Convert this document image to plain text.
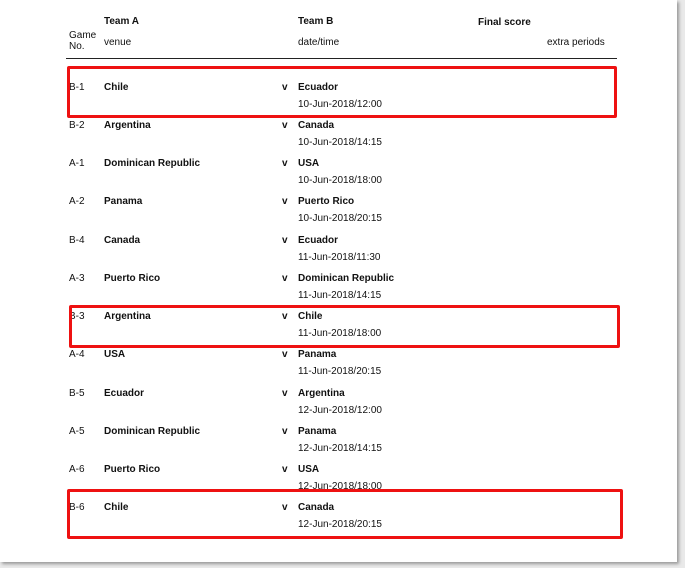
Game
No.
Team A
venue
Team B
date/time
Final score
extra periods
B-1 Chile	v Ecuador
10-Jun-2018/12:00
B-2 Argentina	v Canada
10-Jun-2018/14:15
A-1 Dominican Republic	v USA
10-Jun-2018/18:00
A-2 Panama	v Puerto Rico
10-Jun-2018/20:15
B-4 Canada	v Ecuador
11-Jun-2018/11:30
A-3 Puerto Rico	v Dominican Republic
11-Jun-2018/14:15
B-3 Argentina	v Chile
11-Jun-2018/18:00
A-4 USA	v Panama
11-Jun-2018/20:15
B-5 Ecuador	v Argentina
12-Jun-2018/12:00
A-5 Dominican Republic	v Panama
12-Jun-2018/14:15
A-6 Puerto Rico	v USA
12-Jun-2018/18:00
B-6 Chile	v Canada
12-Jun-2018/20:15
